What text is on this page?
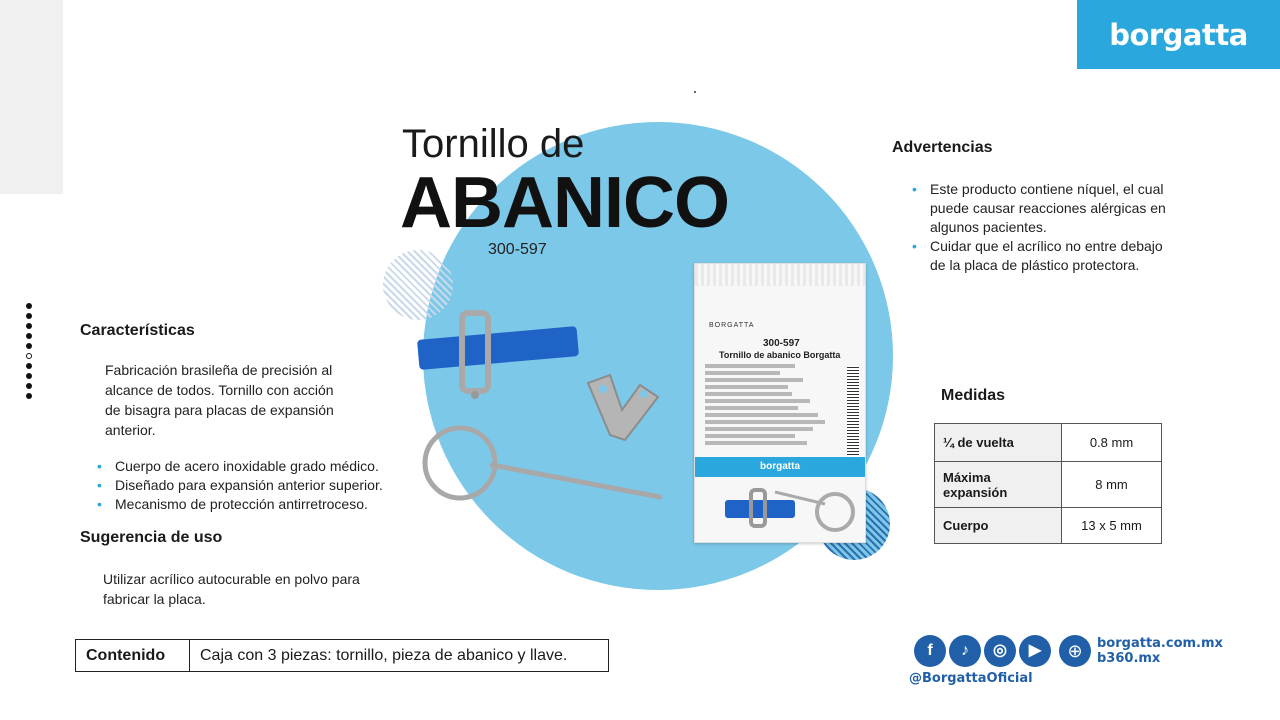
borgatta
Tornillo de
ABANICO
300-597
BORGATTA
300-597
Tornillo de abanico Borgatta
borgatta
Características
Fabricación brasileña de precisión al alcance de todos. Tornillo con acción de bisagra para placas de expansión anterior.
• Cuerpo de acero inoxidable grado médico.
• Diseñado para expansión anterior superior.
• Mecanismo de protección antirretroceso.
Sugerencia de uso
Utilizar acrílico autocurable en polvo para fabricar la placa.
Contenido	Caja con 3 piezas: tornillo, pieza de abanico y llave.
Advertencias
• Este producto contiene níquel, el cual puede causar reacciones alérgicas en algunos pacientes.
• Cuidar que el acrílico no entre debajo de la placa de plástico protectora.
Medidas
¼ de vuelta	0.8 mm
Máxima expansión	8 mm
Cuerpo	13 x 5 mm
f	♪	◎	▶	⊕	borgatta.com.mx
b360.mx
@BorgattaOficial
